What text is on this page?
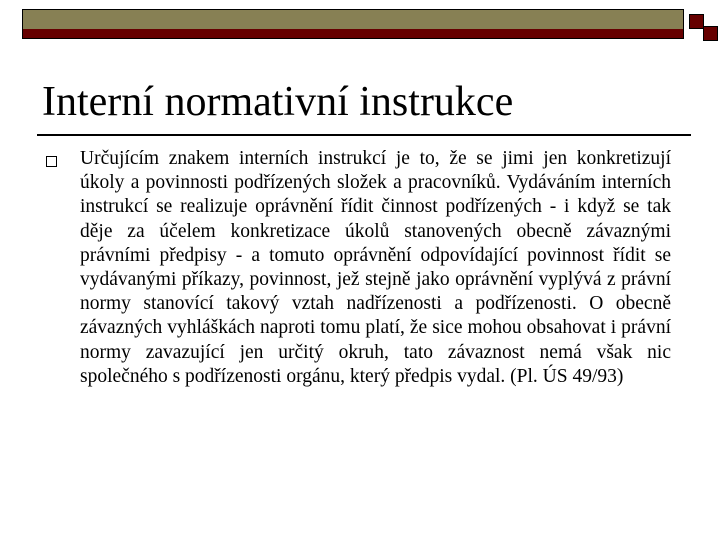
Interní normativní instrukce

Určujícím znakem interních instrukcí je to, že se jimi jen konkretizují úkoly a povinnosti podřízených složek a pracovníků. Vydáváním interních instrukcí se realizuje oprávnění řídit činnost podřízených - i když se tak děje za účelem konkretizace úkolů stanovených obecně závaznými právními předpisy - a tomuto oprávnění odpovídající povinnost řídit se vydávanými příkazy, povinnost, jež stejně jako oprávnění vyplývá z právní normy stanovící takový vztah nadřízenosti a podřízenosti. O obecně závazných vyhláškách naproti tomu platí, že sice mohou obsahovat i právní normy zavazující jen určitý okruh, tato závaznost nemá však nic společného s podřízenosti orgánu, který předpis vydal. (Pl. ÚS 49/93)
